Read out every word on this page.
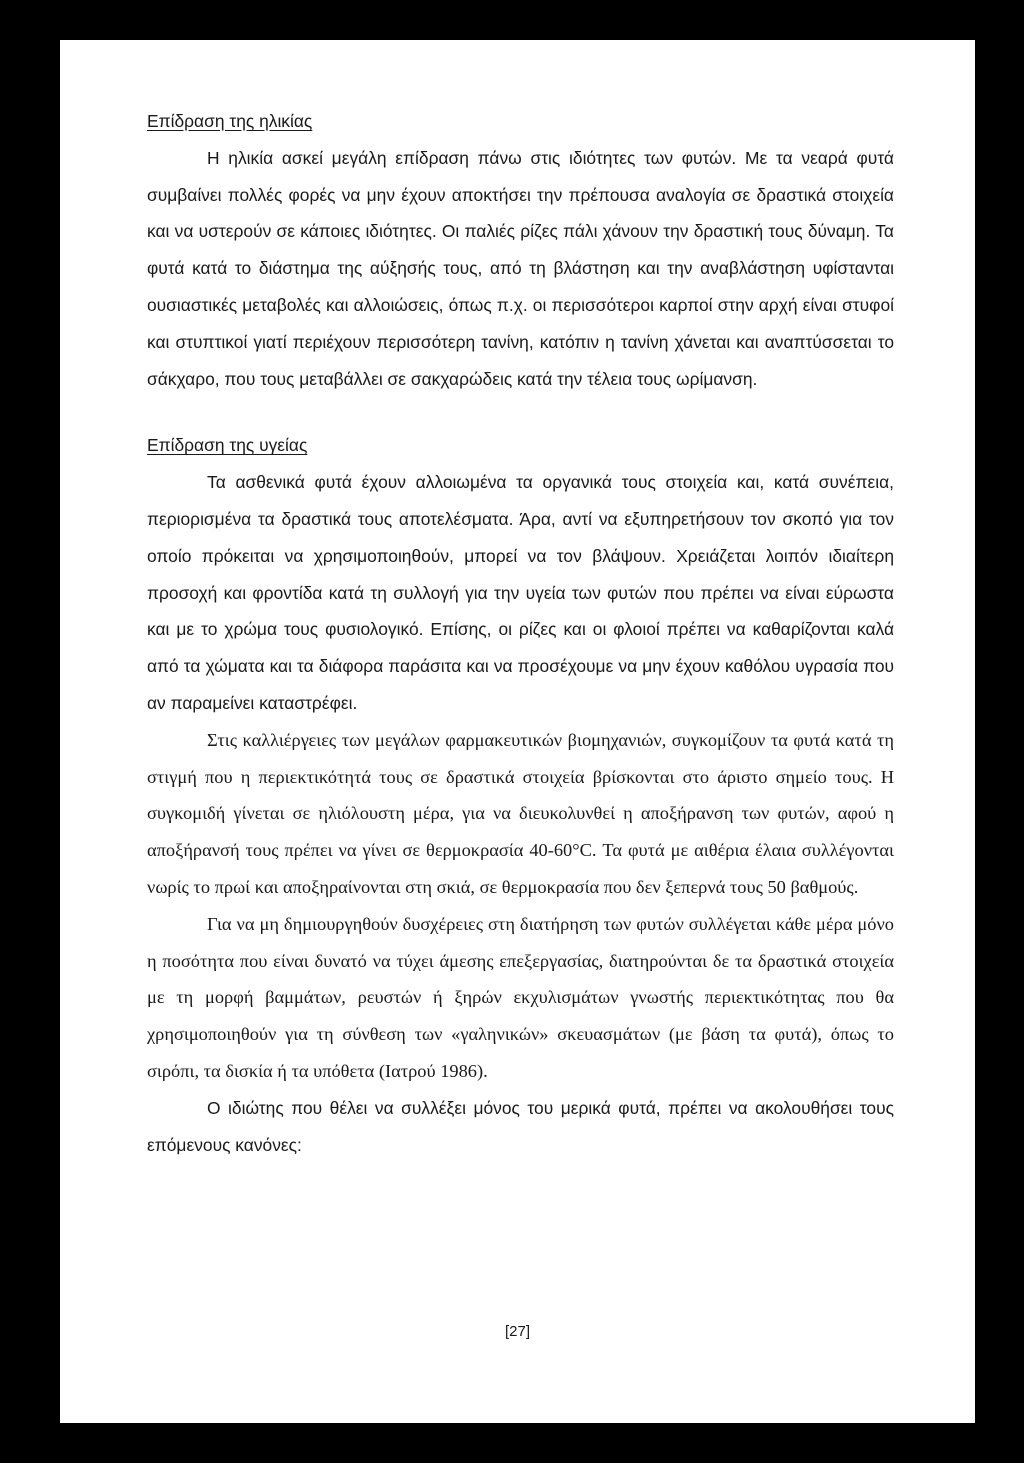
Επίδραση της ηλικίας

Η ηλικία ασκεί μεγάλη επίδραση πάνω στις ιδιότητες των φυτών. Με τα νεαρά φυτά συμβαίνει πολλές φορές να μην έχουν αποκτήσει την πρέπουσα αναλογία σε δραστικά στοιχεία και να υστερούν σε κάποιες ιδιότητες. Οι παλιές ρίζες πάλι χάνουν την δραστική τους δύναμη. Τα φυτά κατά το διάστημα της αύξησής τους, από τη βλάστηση και την αναβλάστηση υφίστανται ουσιαστικές μεταβολές και αλλοιώσεις, όπως π.χ. οι περισσότεροι καρποί στην αρχή είναι στυφοί και στυπτικοί γιατί περιέχουν περισσότερη τανίνη, κατόπιν η τανίνη χάνεται και αναπτύσσεται το σάκχαρο, που τους μεταβάλλει σε σακχαρώδεις κατά την τέλεια τους ωρίμανση.

Επίδραση της υγείας

Τα ασθενικά φυτά έχουν αλλοιωμένα τα οργανικά τους στοιχεία και, κατά συνέπεια, περιορισμένα τα δραστικά τους αποτελέσματα. Άρα, αντί να εξυπηρετήσουν τον σκοπό για τον οποίο πρόκειται να χρησιμοποιηθούν, μπορεί να τον βλάψουν. Χρειάζεται λοιπόν ιδιαίτερη προσοχή και φροντίδα κατά τη συλλογή για την υγεία των φυτών που πρέπει να είναι εύρωστα και με το χρώμα τους φυσιολογικό. Επίσης, οι ρίζες και οι φλοιοί πρέπει να καθαρίζονται καλά από τα χώματα και τα διάφορα παράσιτα και να προσέχουμε να μην έχουν καθόλου υγρασία που αν παραμείνει καταστρέφει.

Στις καλλιέργειες των μεγάλων φαρμακευτικών βιομηχανιών, συγκομίζουν τα φυτά κατά τη στιγμή που η περιεκτικότητά τους σε δραστικά στοιχεία βρίσκονται στο άριστο σημείο τους. Η συγκομιδή γίνεται σε ηλιόλουστη μέρα, για να διευκολυνθεί η αποξήρανση των φυτών, αφού η αποξήρανσή τους πρέπει να γίνει σε θερμοκρασία 40-60°C. Τα φυτά με αιθέρια έλαια συλλέγονται νωρίς το πρωί και αποξηραίνονται στη σκιά, σε θερμοκρασία που δεν ξεπερνά τους 50 βαθμούς.

Για να μη δημιουργηθούν δυσχέρειες στη διατήρηση των φυτών συλλέγεται κάθε μέρα μόνο η ποσότητα που είναι δυνατό να τύχει άμεσης επεξεργασίας, διατηρούνται δε τα δραστικά στοιχεία με τη μορφή βαμμάτων, ρευστών ή ξηρών εκχυλισμάτων γνωστής περιεκτικότητας που θα χρησιμοποιηθούν για τη σύνθεση των «γαληνικών» σκευασμάτων (με βάση τα φυτά), όπως το σιρόπι, τα δισκία ή τα υπόθετα (Ιατρού 1986).

Ο ιδιώτης που θέλει να συλλέξει μόνος του μερικά φυτά, πρέπει να ακολουθήσει τους επόμενους κανόνες:

[27]
